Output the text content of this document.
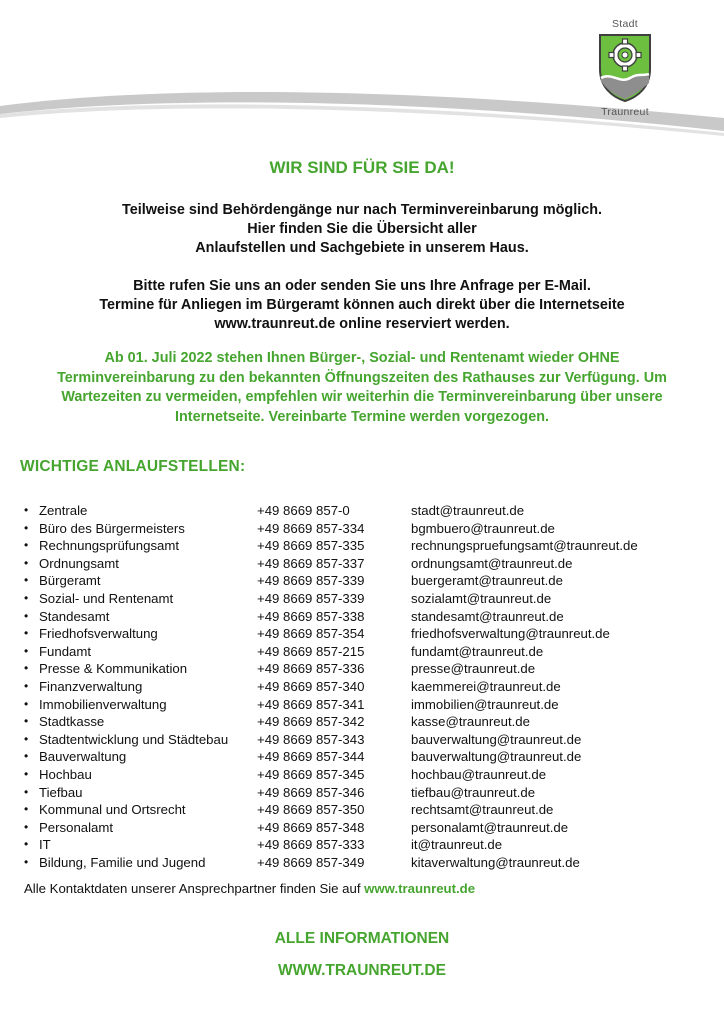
Stadt
Traunreut
WIR SIND FÜR SIE DA!
Teilweise sind Behördengänge nur nach Terminvereinbarung möglich.
Hier finden Sie die Übersicht aller
Anlaufstellen und Sachgebiete in unserem Haus.
Bitte rufen Sie uns an oder senden Sie uns Ihre Anfrage per E-Mail.
Termine für Anliegen im Bürgeramt können auch direkt über die Internetseite
www.traunreut.de online reserviert werden.
Ab 01. Juli 2022 stehen Ihnen Bürger-, Sozial- und Rentenamt wieder OHNE
Terminvereinbarung zu den bekannten Öffnungszeiten des Rathauses zur Verfügung. Um
Wartezeiten zu vermeiden, empfehlen wir weiterhin die Terminvereinbarung über unsere
Internetseite. Vereinbarte Termine werden vorgezogen.
WICHTIGE ANLAUFSTELLEN:
• Zentrale	+49 8669 857-0	stadt@traunreut.de
• Büro des Bürgermeisters	+49 8669 857-334	bgmbuero@traunreut.de
• Rechnungsprüfungsamt	+49 8669 857-335	rechnungspruefungsamt@traunreut.de
• Ordnungsamt	+49 8669 857-337	ordnungsamt@traunreut.de
• Bürgeramt	+49 8669 857-339	buergeramt@traunreut.de
• Sozial- und Rentenamt	+49 8669 857-339	sozialamt@traunreut.de
• Standesamt	+49 8669 857-338	standesamt@traunreut.de
• Friedhofsverwaltung	+49 8669 857-354	friedhofsverwaltung@traunreut.de
• Fundamt	+49 8669 857-215	fundamt@traunreut.de
• Presse & Kommunikation	+49 8669 857-336	presse@traunreut.de
• Finanzverwaltung	+49 8669 857-340	kaemmerei@traunreut.de
• Immobilienverwaltung	+49 8669 857-341	immobilien@traunreut.de
• Stadtkasse	+49 8669 857-342	kasse@traunreut.de
• Stadtentwicklung und Städtebau +49 8669 857-343	bauverwaltung@traunreut.de
• Bauverwaltung	+49 8669 857-344	bauverwaltung@traunreut.de
• Hochbau	+49 8669 857-345	hochbau@traunreut.de
• Tiefbau	+49 8669 857-346	tiefbau@traunreut.de
• Kommunal und Ortsrecht	+49 8669 857-350	rechtsamt@traunreut.de
• Personalamt	+49 8669 857-348	personalamt@traunreut.de
• IT	+49 8669 857-333	it@traunreut.de
• Bildung, Familie und Jugend	+49 8669 857-349	kitaverwaltung@traunreut.de
Alle Kontaktdaten unserer Ansprechpartner finden Sie auf www.traunreut.de
ALLE INFORMATIONEN
WWW.TRAUNREUT.DE
